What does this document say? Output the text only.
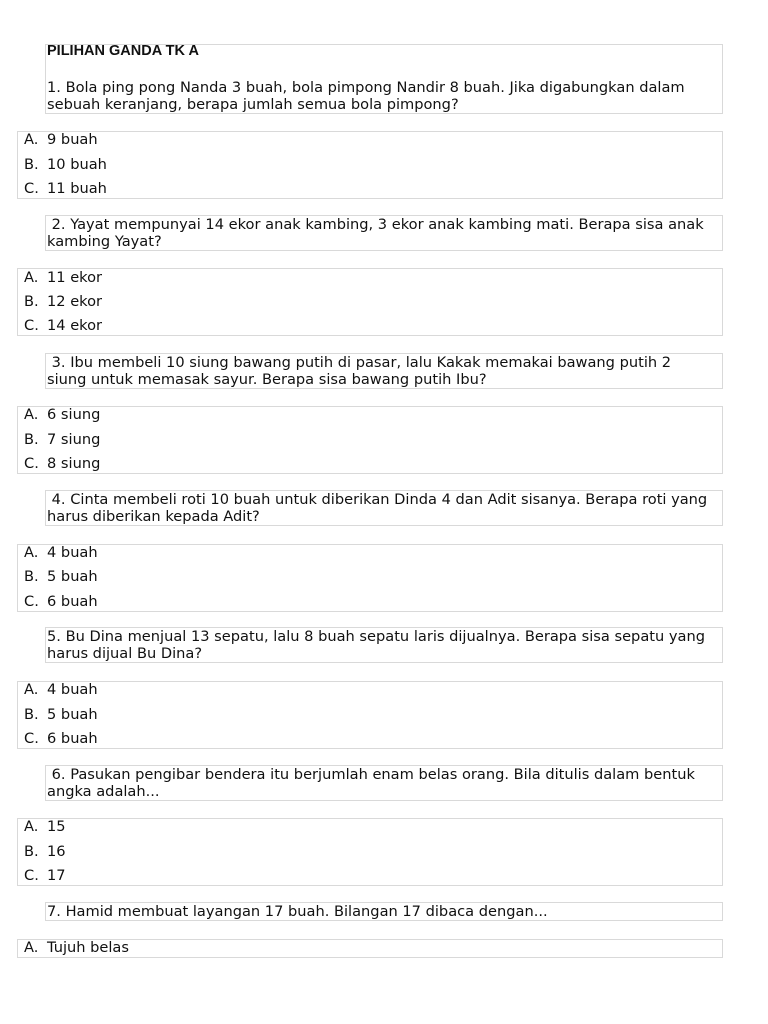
PILIHAN GANDA TK A
1. Bola ping pong Nanda 3 buah, bola pimpong Nandir 8 buah. Jika digabungkan dalam sebuah keranjang, berapa jumlah semua bola pimpong?
A. 9 buah
B. 10 buah
C. 11 buah
2. Yayat mempunyai 14 ekor anak kambing, 3 ekor anak kambing mati. Berapa sisa anak kambing Yayat?
A. 11 ekor
B. 12 ekor
C. 14 ekor
3. Ibu membeli 10 siung bawang putih di pasar, lalu Kakak memakai bawang putih 2 siung untuk memasak sayur. Berapa sisa bawang putih Ibu?
A. 6 siung
B. 7 siung
C. 8 siung
4. Cinta membeli roti 10 buah untuk diberikan Dinda 4 dan Adit sisanya. Berapa roti yang harus diberikan kepada Adit?
A. 4 buah
B. 5 buah
C. 6 buah
5. Bu Dina menjual 13 sepatu, lalu 8 buah sepatu laris dijualnya. Berapa sisa sepatu yang harus dijual Bu Dina?
A. 4 buah
B. 5 buah
C. 6 buah
6. Pasukan pengibar bendera itu berjumlah enam belas orang. Bila ditulis dalam bentuk angka adalah...
A. 15
B. 16
C. 17
7. Hamid membuat layangan 17 buah. Bilangan 17 dibaca dengan...
A. Tujuh belas
